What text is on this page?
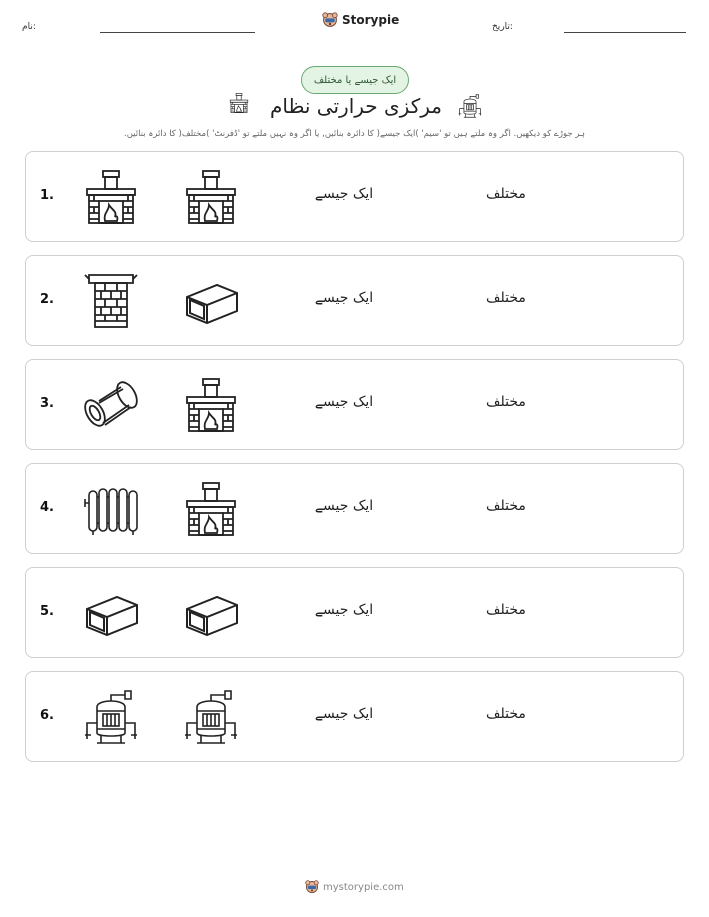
نام:	Storypie	تاریخ:
ایک جیسے یا مختلف
مرکزی حرارتی نظام
ہر جوڑے کو دیکھیں. اگر وہ ملتے ہیں تو 'سیم' )ایک جیسے( کا دائرہ بنائیں, یا اگر وہ نہیں ملتے تو 'ڈفرنٹ' )مختلف( کا دائرہ بنائیں.
1.	ایک جیسے	مختلف
2.	ایک جیسے	مختلف
3.	ایک جیسے	مختلف
4.	ایک جیسے	مختلف
5.	ایک جیسے	مختلف
6.	ایک جیسے	مختلف
mystorypie.com
